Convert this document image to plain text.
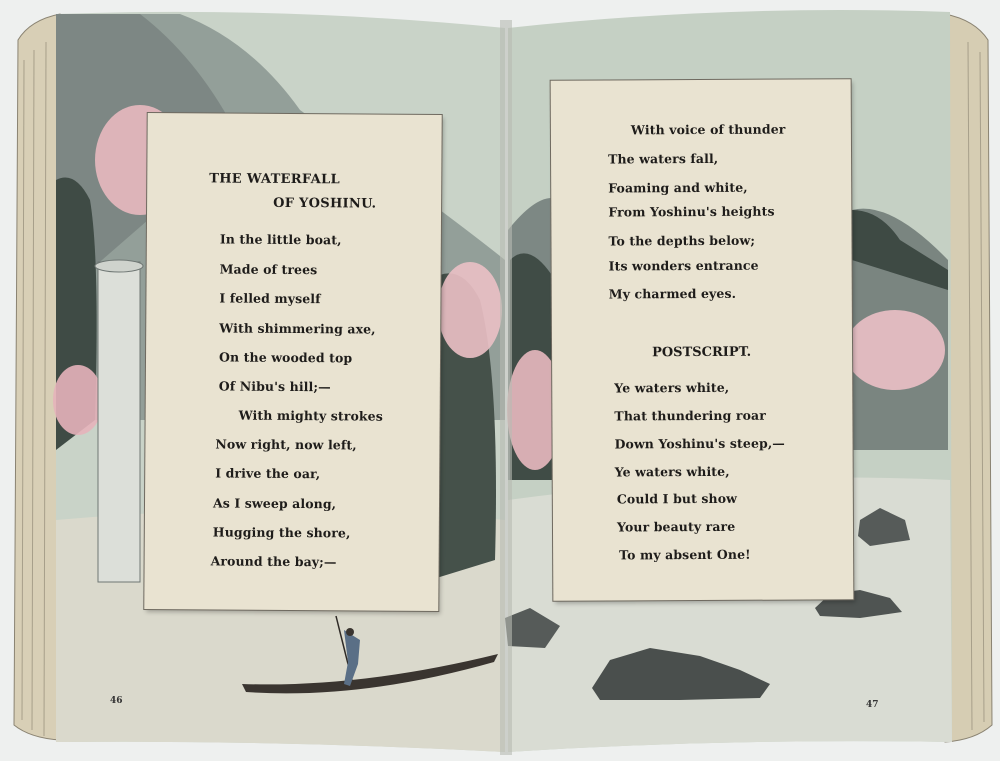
THE WATERFALL
OF YOSHINU.
In the little boat,
Made of trees
I felled myself
With shimmering axe,
On the wooded top
Of Nibu's hill;—
With mighty strokes
Now right, now left,
I drive the oar,
As I sweep along,
Hugging the shore,
Around the bay;—
With voice of thunder
The waters fall,
Foaming and white,
From Yoshinu's heights
To the depths below;
Its wonders entrance
My charmed eyes.
POSTSCRIPT.
Ye waters white,
That thundering roar
Down Yoshinu's steep,—
Ye waters white,
Could I but show
Your beauty rare
To my absent One!
46	47
